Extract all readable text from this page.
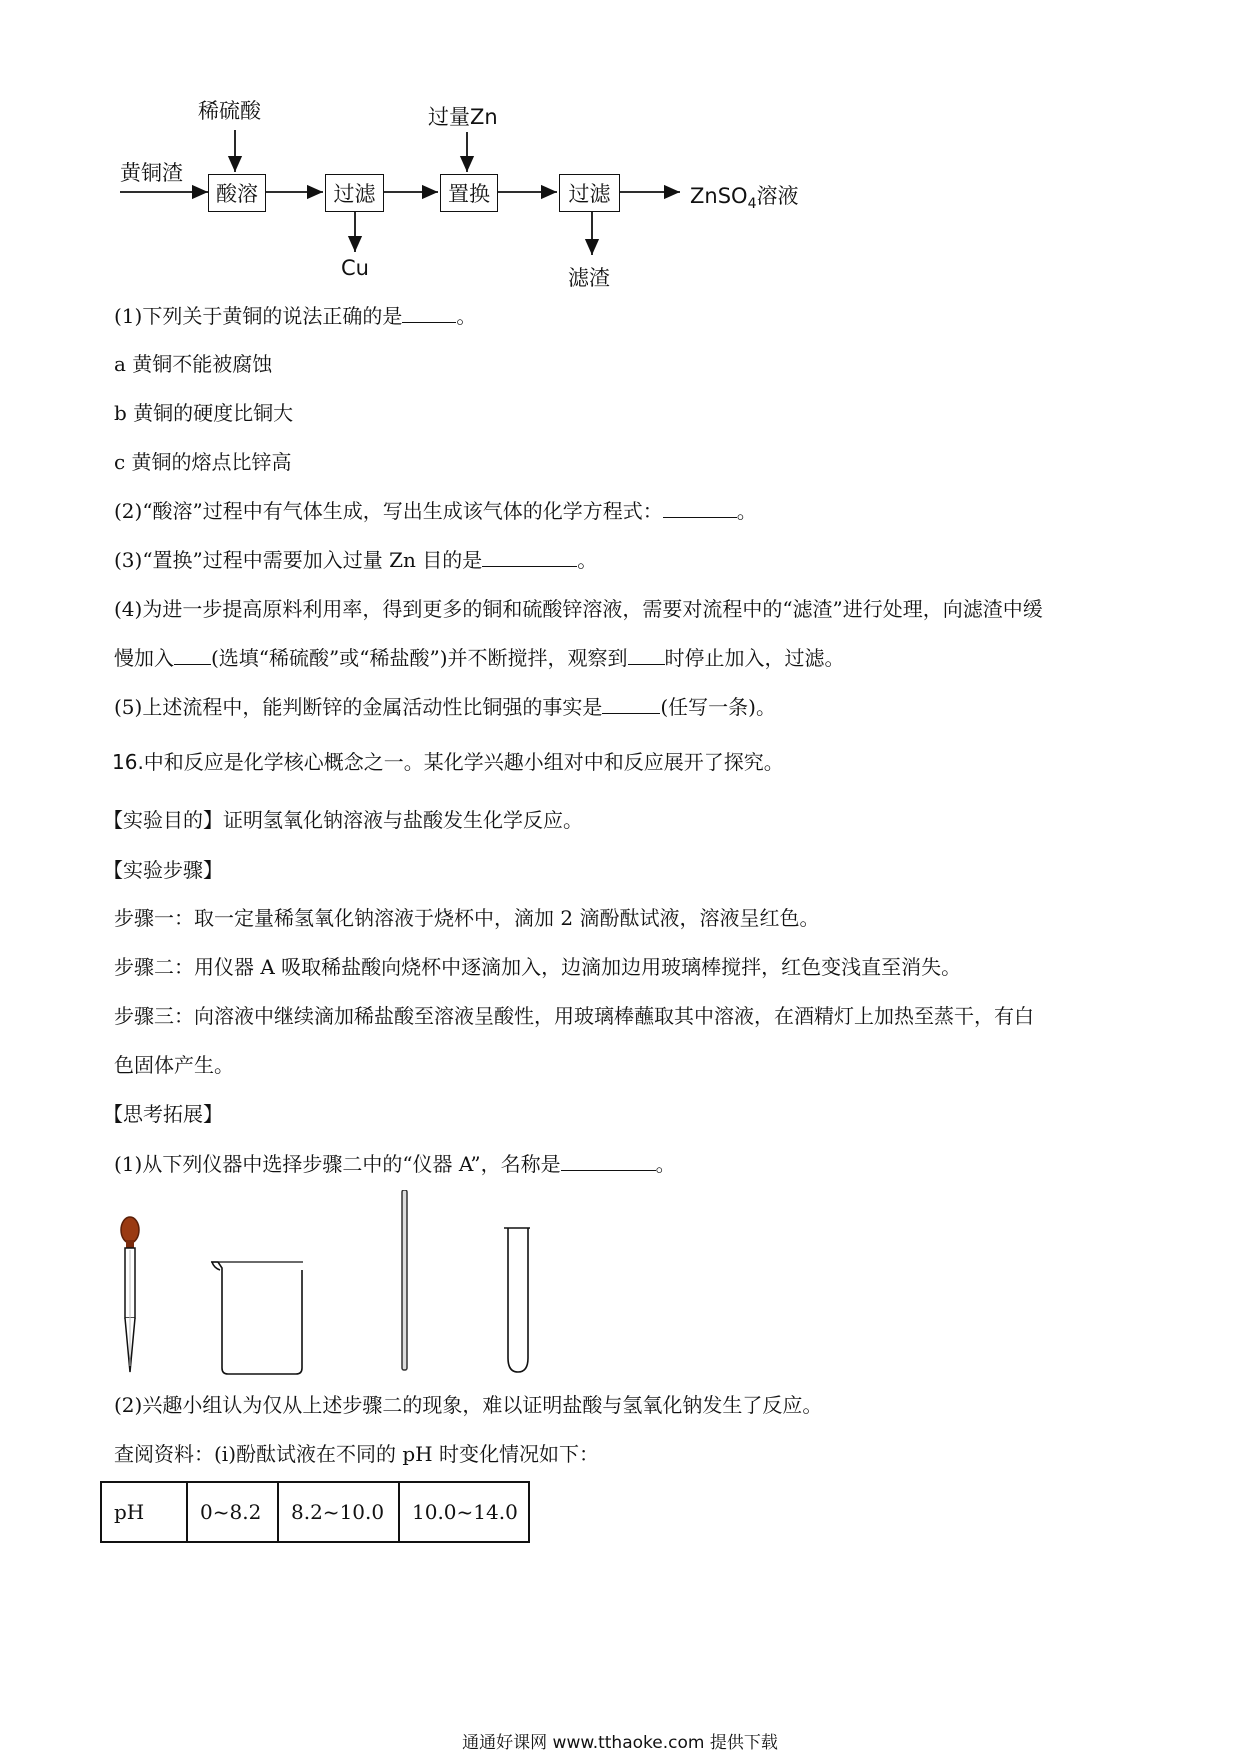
黄铜渣
稀硫酸	过量Zn
酸溶	过滤	置换	过滤	ZnSO$_4$溶液
Cu	滤渣
(1)下列关于黄铜的说法正确的是	。
a 黄铜不能被腐蚀
b 黄铜的硬度比铜大
c 黄铜的熔点比锌高
(2)“酸溶”过程中有气体生成，写出生成该气体的化学方程式：	。
(3)“置换”过程中需要加入过量 Zn 目的是	。
(4)为进一步提高原料利用率，得到更多的铜和硫酸锌溶液，需要对流程中的“滤渣”进行处理，向滤渣中缓
慢加入 (选填“稀硫酸”或“稀盐酸”)并不断搅拌，观察到 时停止加入，过滤。
(5)上述流程中，能判断锌的金属活动性比铜强的事实是	(任写一条)。
16.中和反应是化学核心概念之一。某化学兴趣小组对中和反应展开了探究。
【实验目的】证明氢氧化钠溶液与盐酸发生化学反应。
【实验步骤】
步骤一：取一定量稀氢氧化钠溶液于烧杯中，滴加 2 滴酚酞试液，溶液呈红色。
步骤二：用仪器 A 吸取稀盐酸向烧杯中逐滴加入，边滴加边用玻璃棒搅拌，红色变浅直至消失。
步骤三：向溶液中继续滴加稀盐酸至溶液呈酸性，用玻璃棒蘸取其中溶液，在酒精灯上加热至蒸干，有白
色固体产生。
【思考拓展】
(1)从下列仪器中选择步骤二中的“仪器 A”，名称是	。
(2)兴趣小组认为仅从上述步骤二的现象，难以证明盐酸与氢氧化钠发生了反应。
查阅资料：(i)酚酞试液在不同的 pH 时变化情况如下：
pH	0~8.2	8.2~10.0	10.0~14.0
通通好课网 www.tthaoke.com 提供下载
